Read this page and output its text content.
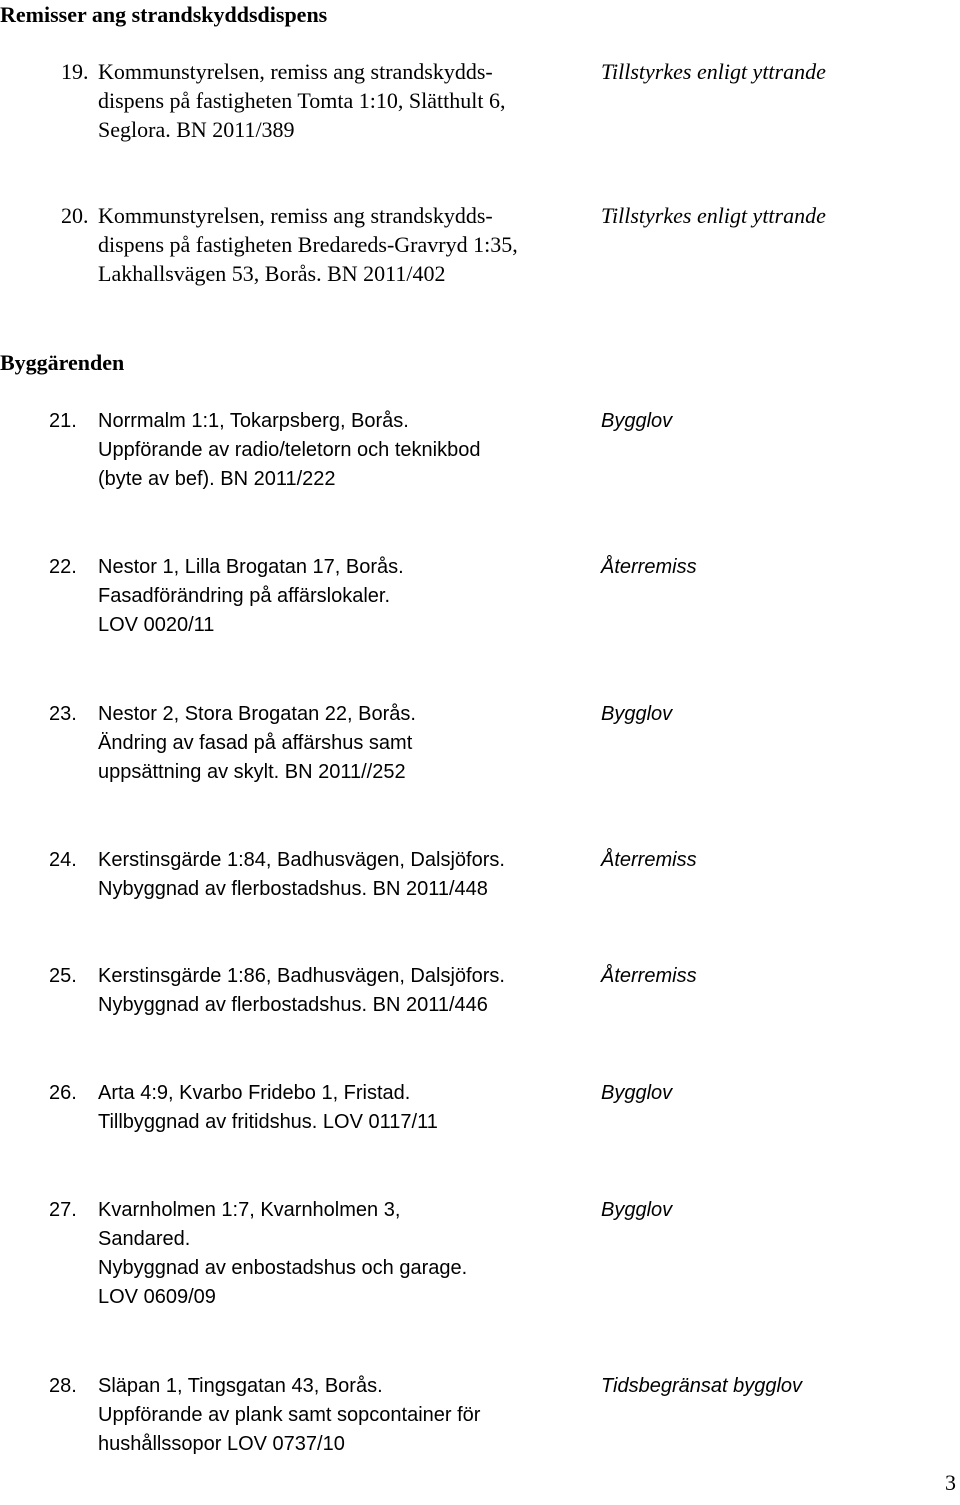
Remisser ang strandskyddsdispens
19. Kommunstyrelsen, remiss ang strandskydds-
dispens på fastigheten Tomta 1:10, Slätthult 6,
Seglora. BN 2011/389
Tillstyrkes enligt yttrande
20. Kommunstyrelsen, remiss ang strandskydds-
dispens på fastigheten Bredareds-Gravryd 1:35,
Lakhallsvägen 53, Borås. BN 2011/402
Tillstyrkes enligt yttrande
Byggärenden
21. Norrmalm 1:1, Tokarpsberg, Borås.
Uppförande av radio/teletorn och teknikbod
(byte av bef). BN 2011/222
Bygglov
22. Nestor 1, Lilla Brogatan 17, Borås.
Fasadförändring på affärslokaler.
LOV 0020/11
Återremiss
23. Nestor 2, Stora Brogatan 22, Borås.
Ändring av fasad på affärshus samt
uppsättning av skylt. BN 2011//252
Bygglov
24. Kerstinsgärde 1:84, Badhusvägen, Dalsjöfors.
Nybyggnad av flerbostadshus. BN 2011/448
Återremiss
25. Kerstinsgärde 1:86, Badhusvägen, Dalsjöfors.
Nybyggnad av flerbostadshus. BN 2011/446
Återremiss
26. Arta 4:9, Kvarbo Fridebo 1, Fristad.
Tillbyggnad av fritidshus. LOV 0117/11
Bygglov
27. Kvarnholmen 1:7, Kvarnholmen 3,
Sandared.
Nybyggnad av enbostadshus och garage.
LOV 0609/09
Bygglov
28. Släpan 1, Tingsgatan 43, Borås.
Uppförande av plank samt sopcontainer för
hushållssopor LOV 0737/10
Tidsbegränsat bygglov
3
